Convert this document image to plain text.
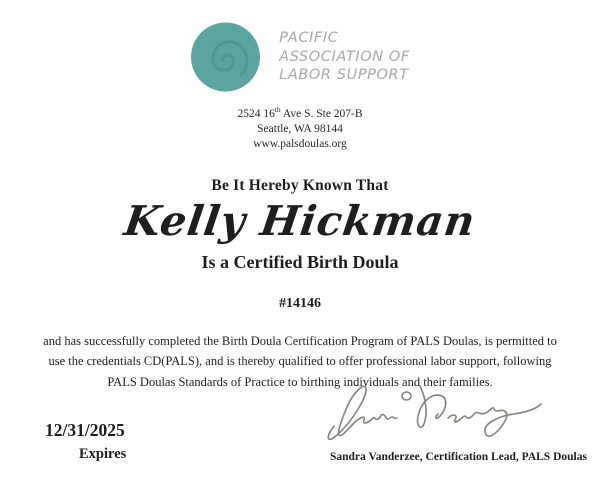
PACIFIC
ASSOCIATION OF
LABOR SUPPORT
2524 16th Ave S. Ste 207-B
Seattle, WA 98144
www.palsdoulas.org
Be It Hereby Known That
Kelly Hickman
Is a Certified Birth Doula
#14146
and has successfully completed the Birth Doula Certification Program of PALS Doulas, is permitted to
use the credentials CD(PALS), and is thereby qualified to offer professional labor support, following
PALS Doulas Standards of Practice to birthing individuals and their families.
12/31/2025
Expires	Sandra Vanderzee, Certification Lead, PALS Doulas
